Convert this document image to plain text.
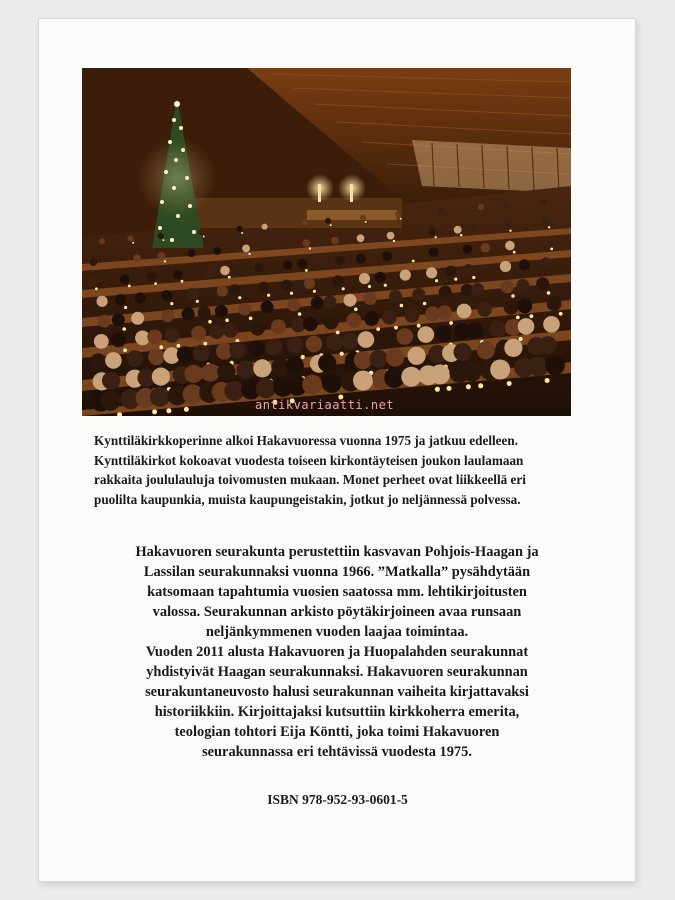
antikvariaatti.net
Kynttiläkirkkoperinne alkoi Hakavuoressa vuonna 1975 ja jatkuu edelleen.
Kynttiläkirkot kokoavat vuodesta toiseen kirkontäyteisen joukon laulamaan
rakkaita joululauluja toivomusten mukaan. Monet perheet ovat liikkeellä eri
puolilta kaupunkia, muista kaupungeistakin, jotkut jo neljännessä polvessa.
Hakavuoren seurakunta perustettiin kasvavan Pohjois-Haagan ja
Lassilan seurakunnaksi vuonna 1966. ”Matkalla” pysähdytään
katsomaan tapahtumia vuosien saatossa mm. lehtikirjoitusten
valossa. Seurakunnan arkisto pöytäkirjoineen avaa runsaan
neljänkymmenen vuoden laajaa toimintaa.
Vuoden 2011 alusta Hakavuoren ja Huopalahden seurakunnat
yhdistyivät Haagan seurakunnaksi. Hakavuoren seurakunnan
seurakuntaneuvosto halusi seurakunnan vaiheita kirjattavaksi
historiikkiin. Kirjoittajaksi kutsuttiin kirkkoherra emerita,
teologian tohtori Eija Köntti, joka toimi Hakavuoren
seurakunnassa eri tehtävissä vuodesta 1975.

ISBN 978-952-93-0601-5
